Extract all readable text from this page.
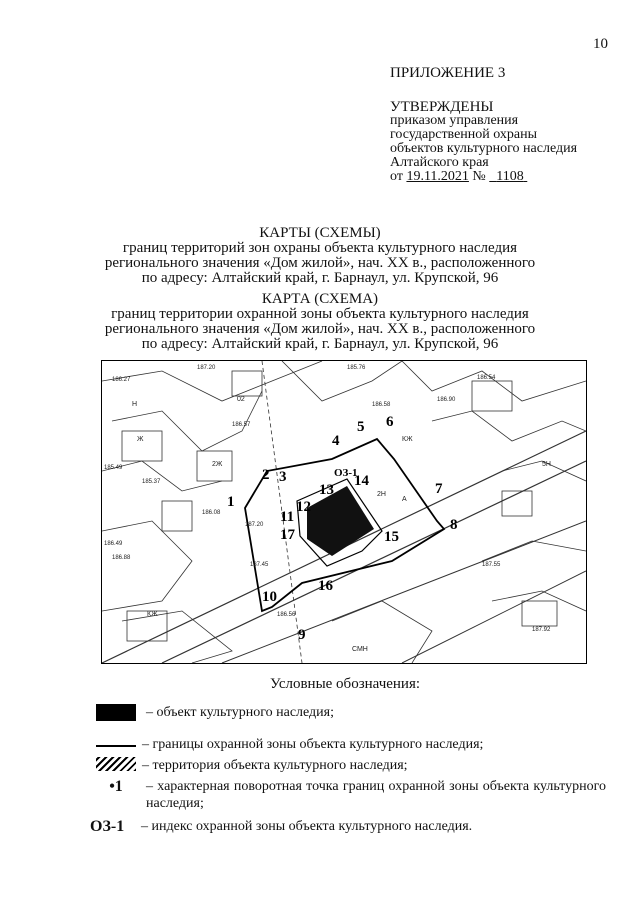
10
ПРИЛОЖЕНИЕ 3
УТВЕРЖДЕНЫ
приказом управления
государственной охраны
объектов культурного наследия
Алтайского края
от 19.11.2021 № 1108
КАРТЫ (СХЕМЫ)
границ территорий зон охраны объекта культурного наследия
регионального значения «Дом жилой», нач. XX в., расположенного
по адресу: Алтайский край, г. Барнаул, ул. Крупской, 96
КАРТА (СХЕМА)
границ территории охранной зоны объекта культурного наследия
регионального значения «Дом жилой», нач. XX в., расположенного
по адресу: Алтайский край, г. Барнаул, ул. Крупской, 96
1
2 3
4
5 6
7
8
9
10
11
12
13
14
15
16
17
ОЗ-1
186.27
187.20
186.57
185.76
186.58
186.90
186.54
185.37
186.49
186.88
185.49
186.08
187.20
187.45	187.55
186.56
187.92
02
Н
Ж
2Ж
КЖ
2Н
5Н
СМН
А
КЖ
Условные обозначения:
– объект культурного наследия;
– границы охранной зоны объекта культурного наследия;
– территория объекта культурного наследия;
•1	– характерная поворотная точка границ охранной зоны объекта культурного наследия;
ОЗ-1	– индекс охранной зоны объекта культурного наследия.
